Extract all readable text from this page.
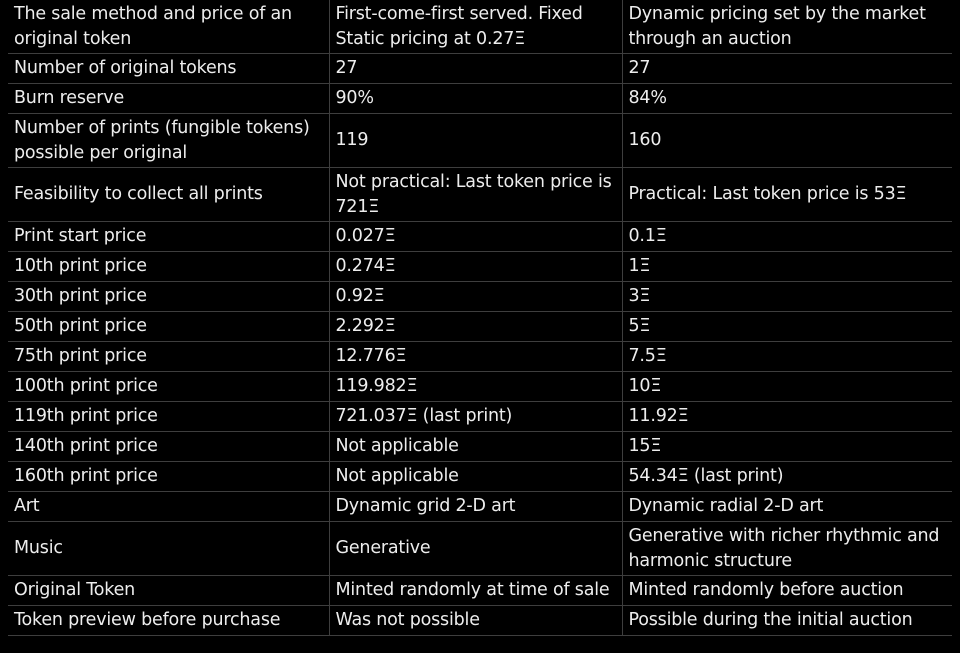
The sale method and price of an original token	First-come-first served. Fixed Static pricing at 0.27Ξ	Dynamic pricing set by the market through an auction
Number of original tokens	27	27
Burn reserve	90%	84%
Number of prints (fungible tokens) possible per original	119	160
Feasibility to collect all prints	Not practical: Last token price is 721Ξ	Practical: Last token price is 53Ξ
Print start price	0.027Ξ	0.1Ξ
10th print price	0.274Ξ	1Ξ
30th print price	0.92Ξ	3Ξ
50th print price	2.292Ξ	5Ξ
75th print price	12.776Ξ	7.5Ξ
100th print price	119.982Ξ	10Ξ
119th print price	721.037Ξ (last print)	11.92Ξ
140th print price	Not applicable	15Ξ
160th print price	Not applicable	54.34Ξ (last print)
Art	Dynamic grid 2-D art	Dynamic radial 2-D art
Music	Generative	Generative with richer rhythmic and harmonic structure
Original Token	Minted randomly at time of sale	Minted randomly before auction
Token preview before purchase	Was not possible	Possible during the initial auction
